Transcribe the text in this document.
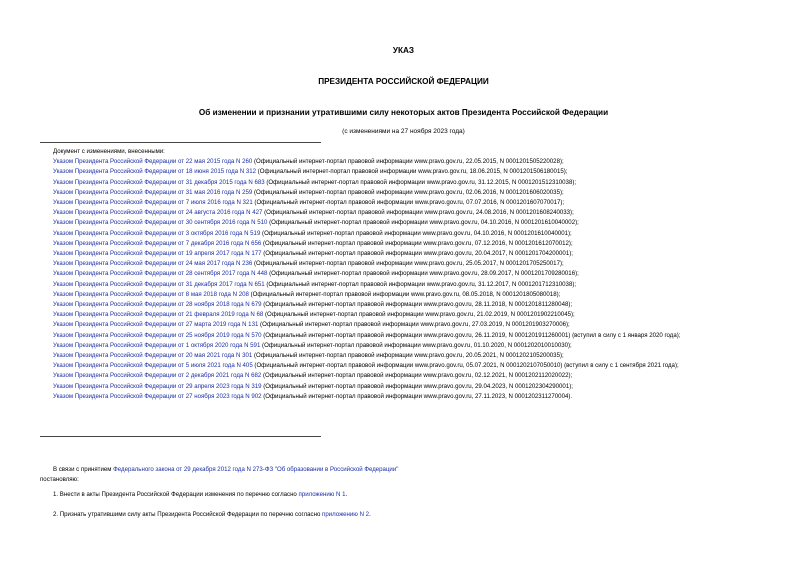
УКАЗ
ПРЕЗИДЕНТА РОССИЙСКОЙ ФЕДЕРАЦИИ
Об изменении и признании утратившими силу некоторых актов Президента Российской Федерации
(с изменениями на 27 ноября 2023 года)
Документ с изменениями, внесенными:
Указом Президента Российской Федерации от 22 мая 2015 года N 260 (Официальный интернет-портал правовой информации www.pravo.gov.ru, 22.05.2015, N 0001201505220028);
Указом Президента Российской Федерации от 18 июня 2015 года N 312 (Официальный интернет-портал правовой информации www.pravo.gov.ru, 18.06.2015, N 0001201506180015);
Указом Президента Российской Федерации от 31 декабря 2015 года N 683 (Официальный интернет-портал правовой информации www.pravo.gov.ru, 31.12.2015, N 0001201512310038);
Указом Президента Российской Федерации от 31 мая 2016 года N 259 (Официальный интернет-портал правовой информации www.pravo.gov.ru, 02.06.2016, N 0001201606020035);
Указом Президента Российской Федерации от 7 июля 2016 года N 321 (Официальный интернет-портал правовой информации www.pravo.gov.ru, 07.07.2016, N 0001201607070017);
Указом Президента Российской Федерации от 24 августа 2016 года N 427 (Официальный интернет-портал правовой информации www.pravo.gov.ru, 24.08.2016, N 0001201608240033);
Указом Президента Российской Федерации от 30 сентября 2016 года N 510 (Официальный интернет-портал правовой информации www.pravo.gov.ru, 04.10.2016, N 0001201610040002);
Указом Президента Российской Федерации от 3 октября 2016 года N 519 (Официальный интернет-портал правовой информации www.pravo.gov.ru, 04.10.2016, N 0001201610040001);
Указом Президента Российской Федерации от 7 декабря 2016 года N 656 (Официальный интернет-портал правовой информации www.pravo.gov.ru, 07.12.2016, N 0001201612070012);
Указом Президента Российской Федерации от 19 апреля 2017 года N 177 (Официальный интернет-портал правовой информации www.pravo.gov.ru, 20.04.2017, N 0001201704200001);
Указом Президента Российской Федерации от 24 мая 2017 года N 236 (Официальный интернет-портал правовой информации www.pravo.gov.ru, 25.05.2017, N 0001201705250017);
Указом Президента Российской Федерации от 28 сентября 2017 года N 448 (Официальный интернет-портал правовой информации www.pravo.gov.ru, 28.09.2017, N 0001201709280016);
Указом Президента Российской Федерации от 31 декабря 2017 года N 651 (Официальный интернет-портал правовой информации www.pravo.gov.ru, 31.12.2017, N 0001201712310038);
Указом Президента Российской Федерации от 8 мая 2018 года N 208 (Официальный интернет-портал правовой информации www.pravo.gov.ru, 08.05.2018, N 0001201805080018);
Указом Президента Российской Федерации от 28 ноября 2018 года N 679 (Официальный интернет-портал правовой информации www.pravo.gov.ru, 28.11.2018, N 0001201811280048);
Указом Президента Российской Федерации от 21 февраля 2019 года N 68 (Официальный интернет-портал правовой информации www.pravo.gov.ru, 21.02.2019, N 0001201902210045);
Указом Президента Российской Федерации от 27 марта 2019 года N 131 (Официальный интернет-портал правовой информации www.pravo.gov.ru, 27.03.2019, N 0001201903270006);
Указом Президента Российской Федерации от 25 ноября 2019 года N 570 (Официальный интернет-портал правовой информации www.pravo.gov.ru, 26.11.2019, N 0001201911260001) (вступил в силу с 1 января 2020 года);
Указом Президента Российской Федерации от 1 октября 2020 года N 591 (Официальный интернет-портал правовой информации www.pravo.gov.ru, 01.10.2020, N 0001202010010030);
Указом Президента Российской Федерации от 20 мая 2021 года N 301 (Официальный интернет-портал правовой информации www.pravo.gov.ru, 20.05.2021, N 0001202105200035);
Указом Президента Российской Федерации от 5 июля 2021 года N 405 (Официальный интернет-портал правовой информации www.pravo.gov.ru, 05.07.2021, N 0001202107050010) (вступил в силу с 1 сентября 2021 года);
Указом Президента Российской Федерации от 2 декабря 2021 года N 682 (Официальный интернет-портал правовой информации www.pravo.gov.ru, 02.12.2021, N 0001202112020022);
Указом Президента Российской Федерации от 29 апреля 2023 года N 319 (Официальный интернет-портал правовой информации www.pravo.gov.ru, 29.04.2023, N 0001202304290001);
Указом Президента Российской Федерации от 27 ноября 2023 года N 902 (Официальный интернет-портал правовой информации www.pravo.gov.ru, 27.11.2023, N 0001202311270004).
В связи с принятием Федерального закона от 29 декабря 2012 года N 273-ФЗ "Об образовании в Российской Федерации"
постановляю:
1. Внести в акты Президента Российской Федерации изменения по перечню согласно приложению N 1.
2. Признать утратившими силу акты Президента Российской Федерации по перечню согласно приложению N 2.
